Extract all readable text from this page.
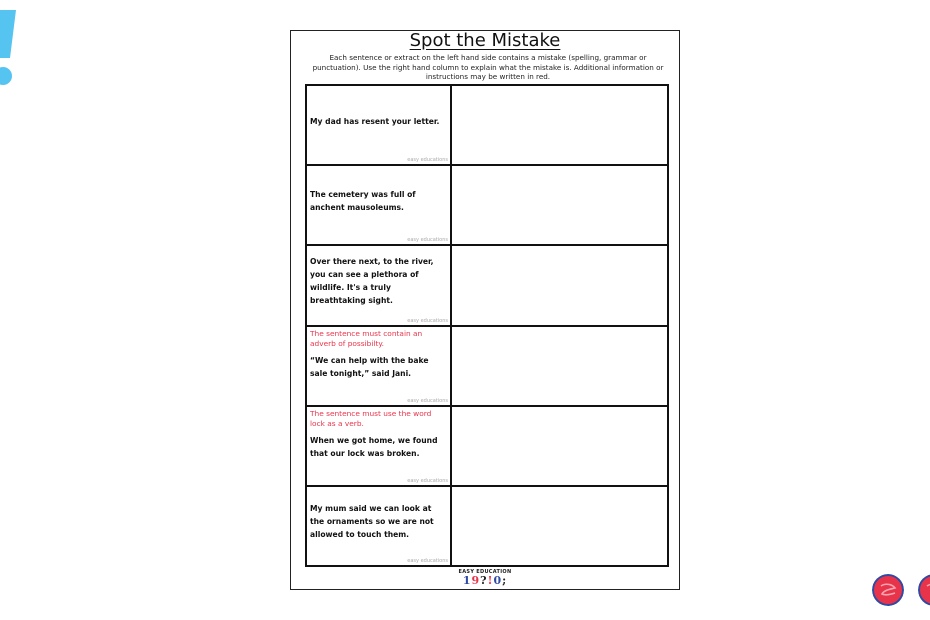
Spot the Mistake
Each sentence or extract on the left hand side contains a mistake (spelling, grammar or punctuation). Use the right hand column to explain what the mistake is. Additional information or instructions may be written in red.
My dad has resent your letter.
easy educations
The cemetery was full of anchent mausoleums.
easy educations
Over there next, to the river, you can see a plethora of wildlife. It's a truly breathtaking sight.
easy educations
The sentence must contain an adverb of possibilty.
“We can help with the bake sale tonight,” said Jani.
easy educations
The sentence must use the word lock as a verb.
When we got home, we found that our lock was broken.
easy educations
My mum said we can look at the ornaments so we are not allowed to touch them.
easy educations
EASY EDUCATION
19?!0;
